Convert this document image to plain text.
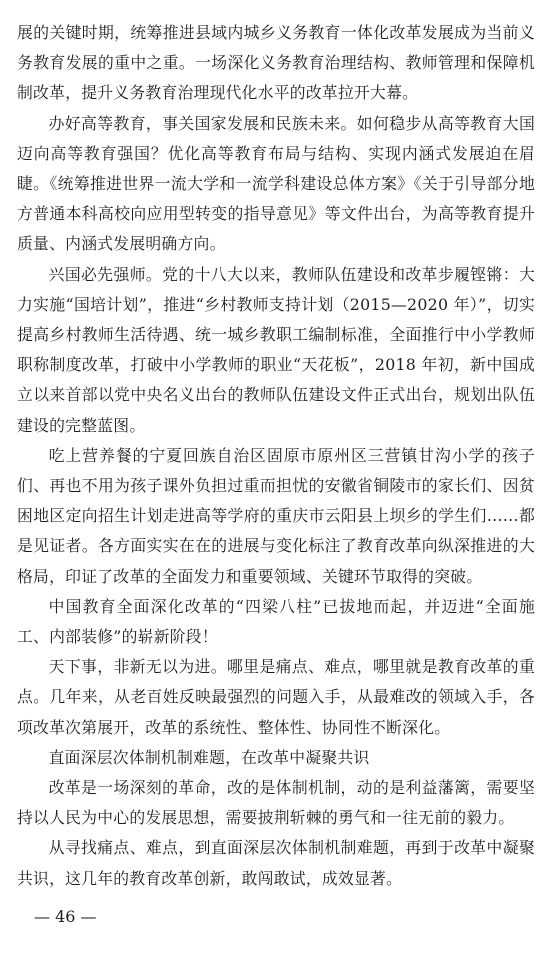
展的关键时期，统筹推进县域内城乡义务教育一体化改革发展成为当前义务教育发展的重中之重。一场深化义务教育治理结构、教师管理和保障机制改革，提升义务教育治理现代化水平的改革拉开大幕。

办好高等教育，事关国家发展和民族未来。如何稳步从高等教育大国迈向高等教育强国？优化高等教育布局与结构、实现内涵式发展迫在眉睫。《统筹推进世界一流大学和一流学科建设总体方案》《关于引导部分地方普通本科高校向应用型转变的指导意见》等文件出台，为高等教育提升质量、内涵式发展明确方向。

兴国必先强师。党的十八大以来，教师队伍建设和改革步履铿锵：大力实施“国培计划”，推进“乡村教师支持计划（2015—2020 年）”，切实提高乡村教师生活待遇、统一城乡教职工编制标准，全面推行中小学教师职称制度改革，打破中小学教师的职业“天花板”，2018 年初，新中国成立以来首部以党中央名义出台的教师队伍建设文件正式出台，规划出队伍建设的完整蓝图。

吃上营养餐的宁夏回族自治区固原市原州区三营镇甘沟小学的孩子们、再也不用为孩子课外负担过重而担忧的安徽省铜陵市的家长们、因贫困地区定向招生计划走进高等学府的重庆市云阳县上坝乡的学生们……都是见证者。各方面实实在在的进展与变化标注了教育改革向纵深推进的大格局，印证了改革的全面发力和重要领域、关键环节取得的突破。

中国教育全面深化改革的“四梁八柱”已拔地而起，并迈进“全面施工、内部装修”的崭新阶段！

天下事，非新无以为进。哪里是痛点、难点，哪里就是教育改革的重点。几年来，从老百姓反映最强烈的问题入手，从最难改的领域入手，各项改革次第展开，改革的系统性、整体性、协同性不断深化。

直面深层次体制机制难题，在改革中凝聚共识

改革是一场深刻的革命，改的是体制机制，动的是利益藩篱，需要坚持以人民为中心的发展思想，需要披荆斩棘的勇气和一往无前的毅力。

从寻找痛点、难点，到直面深层次体制机制难题，再到于改革中凝聚共识，这几年的教育改革创新，敢闯敢试，成效显著。

— 46 —
